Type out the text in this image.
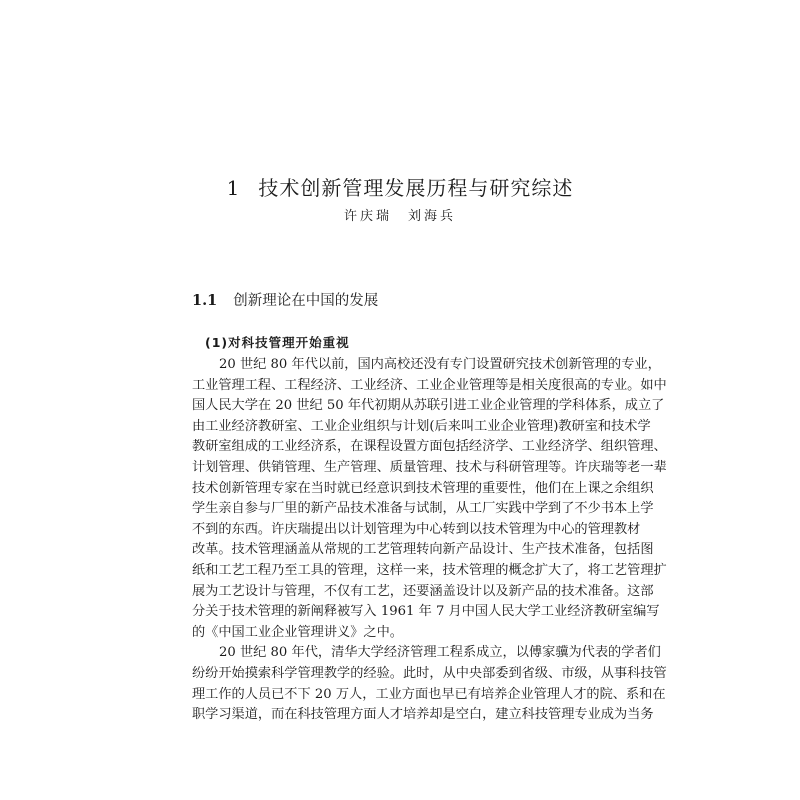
1 技术创新管理发展历程与研究综述
许庆瑞 刘海兵
1.1 创新理论在中国的发展
(1)对科技管理开始重视
20 世纪 80 年代以前，国内高校还没有专门设置研究技术创新管理的专业，
工业管理工程、工程经济、工业经济、工业企业管理等是相关度很高的专业。如中
国人民大学在 20 世纪 50 年代初期从苏联引进工业企业管理的学科体系，成立了
由工业经济教研室、工业企业组织与计划(后来叫工业企业管理)教研室和技术学
教研室组成的工业经济系，在课程设置方面包括经济学、工业经济学、组织管理、
计划管理、供销管理、生产管理、质量管理、技术与科研管理等。许庆瑞等老一辈
技术创新管理专家在当时就已经意识到技术管理的重要性，他们在上课之余组织
学生亲自参与厂里的新产品技术准备与试制，从工厂实践中学到了不少书本上学
不到的东西。许庆瑞提出以计划管理为中心转到以技术管理为中心的管理教材
改革。技术管理涵盖从常规的工艺管理转向新产品设计、生产技术准备，包括图
纸和工艺工程乃至工具的管理，这样一来，技术管理的概念扩大了，将工艺管理扩
展为工艺设计与管理，不仅有工艺，还要涵盖设计以及新产品的技术准备。这部
分关于技术管理的新阐释被写入 1961 年 7 月中国人民大学工业经济教研室编写
的《中国工业企业管理讲义》之中。
20 世纪 80 年代，清华大学经济管理工程系成立，以傅家骥为代表的学者们
纷纷开始摸索科学管理教学的经验。此时，从中央部委到省级、市级，从事科技管
理工作的人员已不下 20 万人，工业方面也早已有培养企业管理人才的院、系和在
职学习渠道，而在科技管理方面人才培养却是空白，建立科技管理专业成为当务
